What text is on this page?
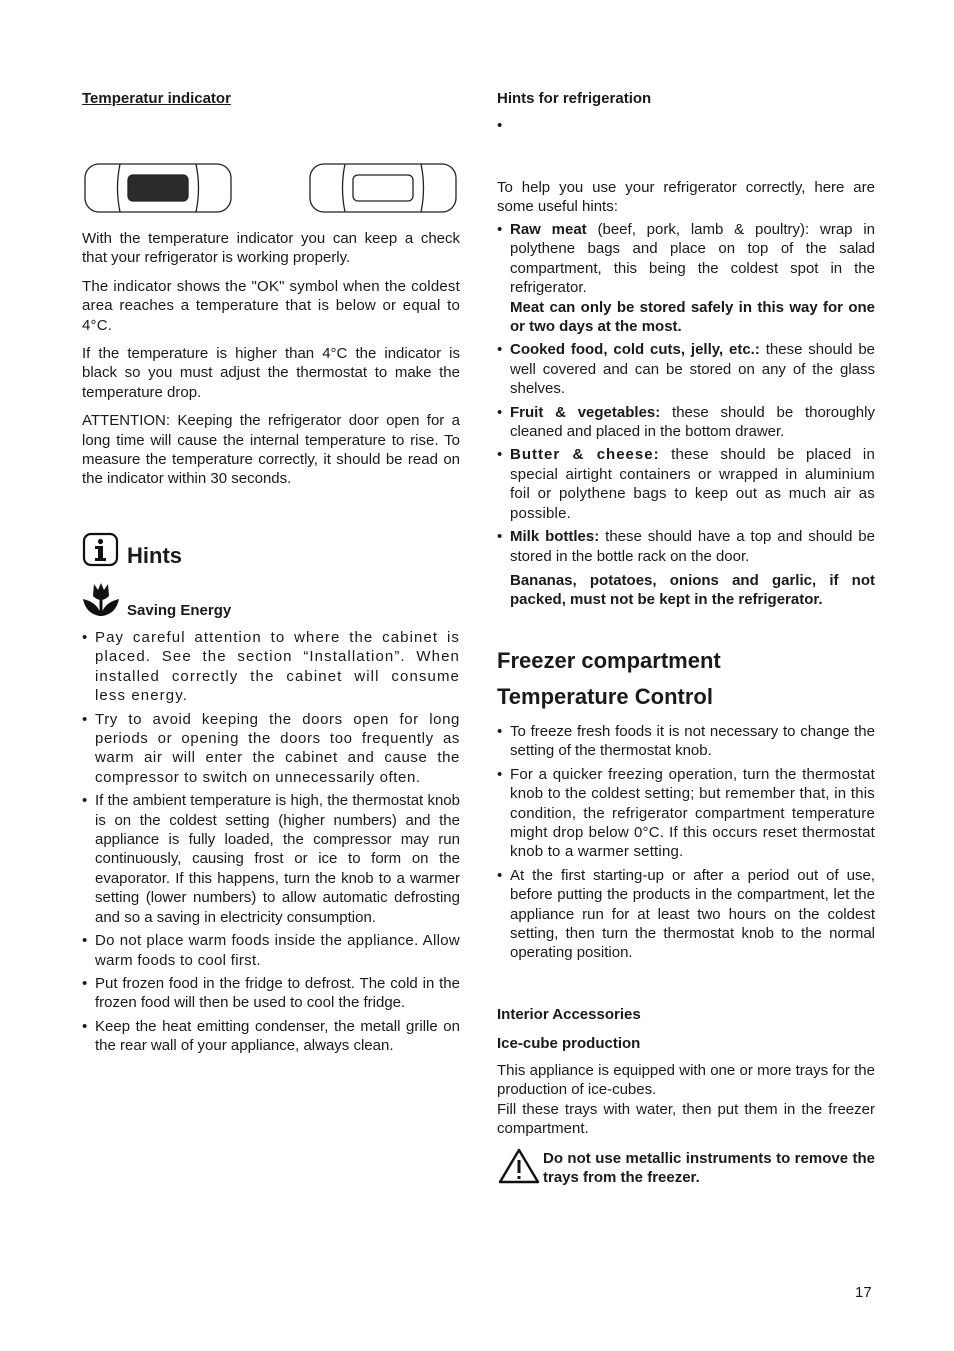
Temperatur indicator

With the temperature indicator you can keep a check that your refrigerator is working properly.

The indicator shows the "OK" symbol when the coldest area reaches a temperature that is below or equal to 4°C.

If the temperature is higher than 4°C the indicator is black so you must adjust the thermostat to make the temperature drop.

ATTENTION: Keeping the refrigerator door open for a long time will cause the internal temperature to rise. To measure the temperature correctly, it should be read on the indicator within 30 seconds.

Hints

Saving Energy

• Pay careful attention to where the cabinet is placed. See the section “Installation”. When installed correctly the cabinet will consume less energy.
• Try to avoid keeping the doors open for long periods or opening the doors too frequently as warm air will enter the cabinet and cause the compressor to switch on unnecessarily often.
• If the ambient temperature is high, the thermostat knob is on the coldest setting (higher numbers) and the appliance is fully loaded, the compressor may run continuously, causing frost or ice to form on the evaporator. If this happens, turn the knob to a warmer setting (lower numbers) to allow automatic defrosting and so a saving in electricity consumption.
• Do not place warm foods inside the appliance. Allow warm foods to cool first.
• Put frozen food in the fridge to defrost. The cold in the frozen food will then be used to cool the fridge.
• Keep the heat emitting condenser, the metall grille on the rear wall of your appliance, always clean.

Hints for refrigeration

•

To help you use your refrigerator correctly, here are some useful hints:

• Raw meat (beef, pork, lamb & poultry): wrap in polythene bags and place on top of the salad compartment, this being the coldest spot in the refrigerator.
Meat can only be stored safely in this way for one or two days at the most.
• Cooked food, cold cuts, jelly, etc.: these should be well covered and can be stored on any of the glass shelves.
• Fruit & vegetables: these should be thoroughly cleaned and placed in the bottom drawer.
• Butter & cheese: these should be placed in special airtight containers or wrapped in aluminium foil or polythene bags to keep out as much air as possible.
• Milk bottles: these should have a top and should be stored in the bottle rack on the door.

Bananas, potatoes, onions and garlic, if not packed, must not be kept in the refrigerator.

Freezer compartment

Temperature Control

• To freeze fresh foods it is not necessary to change the setting of the thermostat knob.
• For a quicker freezing operation, turn the thermostat knob to the coldest setting; but remember that, in this condition, the refrigerator compartment temperature might drop below 0°C. If this occurs reset thermostat knob to a warmer setting.
• At the first starting-up or after a period out of use, before putting the products in the compartment, let the appliance run for at least two hours on the coldest setting, then turn the thermostat knob to the normal operating position.

Interior Accessories

Ice-cube production

This appliance is equipped with one or more trays for the production of ice-cubes.

Fill these trays with water, then put them in the freezer compartment.

Do not use metallic instruments to remove the trays from the freezer.

17
